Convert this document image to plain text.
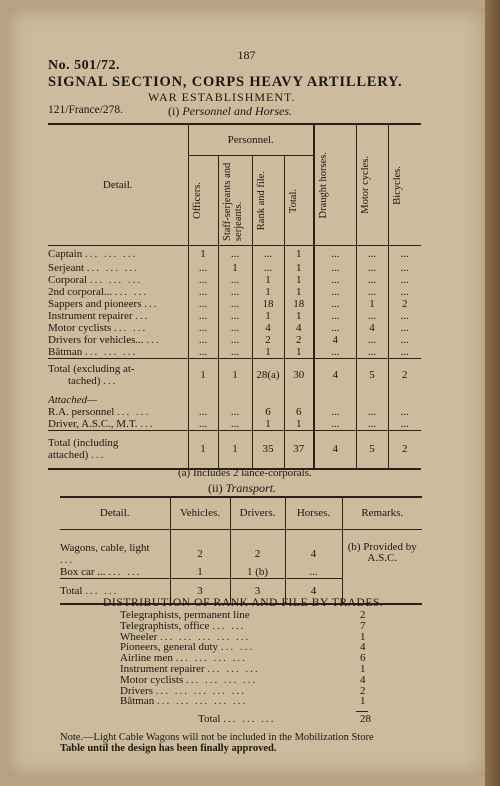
187
No. 501/72.
SIGNAL SECTION, CORPS HEAVY ARTILLERY.
WAR ESTABLISHMENT.
121/France/278.	(i) Personnel and Horses.
Detail.	Personnel.				Draught horses.	Motor cycles.	Bicycles.

	Officers.	Staff-serjeants and serjeants.	Rank and file.	Total.			

Captain ... ... ...	1	...	...	1	...	...	...
Serjeant ... ... ...	...	1	...	1	...	...	...
Corporal ... ... ...	...	...	1	1	...	...	...
2nd corporal... ... ...	...	...	1	1	...	...	...
Sappers and pioneers ...	...	...	18	18	...	1	2
Instrument repairer ...	...	...	1	1	...	...	...
Motor cyclists ... ...	...	...	4	4	...	4	...
Drivers for vehicles... ...	...	...	2	2	4	...	...
Bâtman ... ... ...	...	...	1	1	...	...	...

Total (excluding at-
tached) ...	1	1	28(a)	30	4	5	2
Attached—							
R.A. personnel ... ...	...	...	6	6	...	...	...
Driver, A.S.C., M.T. ...	...	...	1	1	...	...	...

Total (including
attached) ...	1	1	35	37	4	5	2
(a) Includes 2 lance-corporals.
(ii) Transport.
Detail.	Vehicles.	Drivers.	Horses.	Remarks.
Wagons, cable, light ...	2	2	4	(b) Provided by
A.S.C.

Box car ... ... ...	1	1 (b)	...	
Total ... ...	3	3	4	
DISTRIBUTION OF RANK AND FILE BY TRADES.
Telegraphists, permanent line	2
Telegraphists, office ... ...	7
Wheeler ... ... ... ... ...	1
Pioneers, general duty ... ...	4
Airline men ... ... ... ...	6
Instrument repairer ... ... ...	1
Motor cyclists ... ... ... ...	4
Drivers ... ... ... ... ...	2
Bâtman ... ... ... ... ...	1
Total ... ... ...	28
Note.—Light Cable Wagons will not be included in the Mobilization Store
Table until the design has been finally approved.
